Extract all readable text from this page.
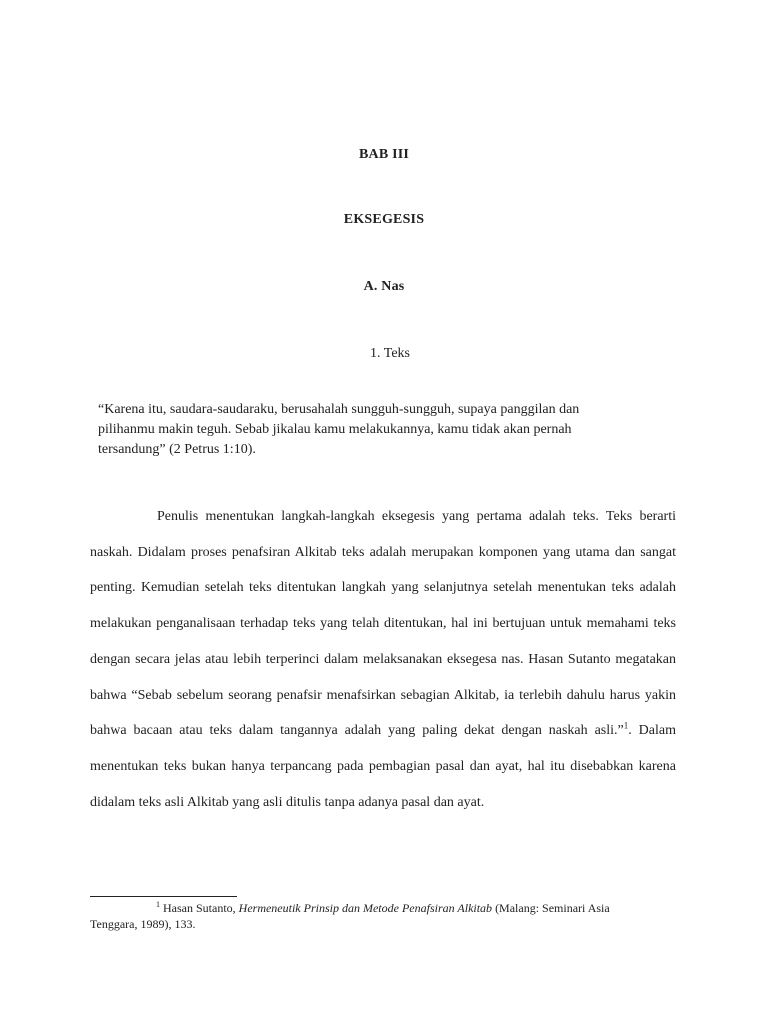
BAB III
EKSEGESIS
A. Nas
1. Teks
“Karena itu, saudara-saudaraku, berusahalah sungguh-sungguh, supaya panggilan dan
pilihanmu makin teguh. Sebab jikalau kamu melakukannya, kamu tidak akan pernah
tersandung” (2 Petrus 1:10).
Penulis menentukan langkah-langkah eksegesis yang pertama adalah teks. Teks berarti naskah. Didalam proses penafsiran Alkitab teks adalah merupakan komponen yang utama dan sangat penting. Kemudian setelah teks ditentukan langkah yang selanjutnya setelah menentukan teks adalah melakukan penganalisaan terhadap teks yang telah ditentukan, hal ini bertujuan untuk memahami teks dengan secara jelas atau lebih terperinci dalam melaksanakan eksegesa nas. Hasan Sutanto megatakan bahwa “Sebab sebelum seorang penafsir menafsirkan sebagian Alkitab, ia terlebih dahulu harus yakin bahwa bacaan atau teks dalam tangannya adalah yang paling dekat dengan naskah asli.”$^1$. Dalam menentukan teks bukan hanya terpancang pada pembagian pasal dan ayat, hal itu disebabkan karena didalam teks asli Alkitab yang asli ditulis tanpa adanya pasal dan ayat.
$^1$ Hasan Sutanto, Hermeneutik Prinsip dan Metode Penafsiran Alkitab (Malang: Seminari Asia Tenggara, 1989), 133.
